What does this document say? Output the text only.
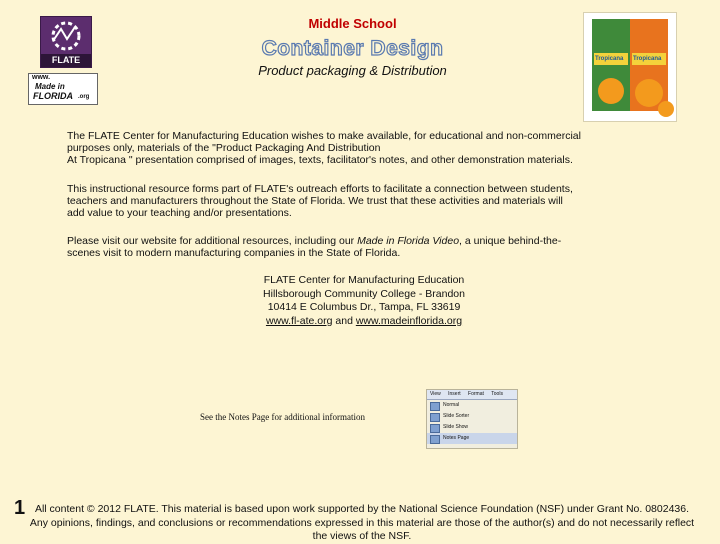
Middle School
Container Design
Product packaging & Distribution
FLATE
www.
Made in
FLORIDA .org
Tropicana Tropicana
The FLATE Center for Manufacturing Education wishes to make available, for educational and non-commercial
purposes only, materials of the "Product Packaging And Distribution
At Tropicana " presentation comprised of images, texts, facilitator's notes, and other demonstration materials.
This instructional resource forms part of FLATE's outreach efforts to facilitate a connection between students,
teachers and manufacturers throughout the State of Florida. We trust that these activities and materials will
add value to your teaching and/or presentations.
Please visit our website for additional resources, including our Made in Florida Video, a unique behind-the-
scenes visit to modern manufacturing companies in the State of Florida.
FLATE Center for Manufacturing Education
Hillsborough Community College - Brandon
10414 E Columbus Dr., Tampa, FL 33619
www.fl-ate.org and www.madeinflorida.org
See the Notes Page for additional information
View Insert Format Tools
Normal
Slide Sorter
Slide Show
Notes Page
1 All content © 2012 FLATE. This material is based upon work supported by the National Science Foundation (NSF) under Grant No. 0802436.
Any opinions, findings, and conclusions or recommendations expressed in this material are those of the author(s) and do not necessarily reflect
the views of the NSF.
